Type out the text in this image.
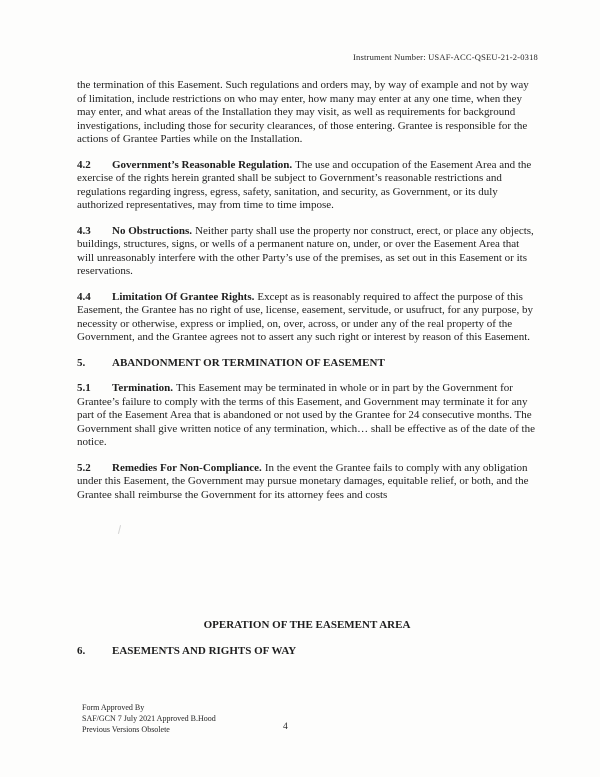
Instrument Number: USAF-ACC-QSEU-21-2-0318

the termination of this Easement. Such regulations and orders may, by way of example and not by way of limitation, include restrictions on who may enter, how many may enter at any one time, when they may enter, and what areas of the Installation they may visit, as well as requirements for background investigations, including those for security clearances, of those entering. Grantee is responsible for the actions of Grantee Parties while on the Installation.

4.2 Government’s Reasonable Regulation. The use and occupation of the Easement Area and the exercise of the rights herein granted shall be subject to Government’s reasonable restrictions and regulations regarding ingress, egress, safety, sanitation, and security, as Government, or its duly authorized representatives, may from time to time impose.

4.3 No Obstructions. Neither party shall use the property nor construct, erect, or place any objects, buildings, structures, signs, or wells of a permanent nature on, under, or over the Easement Area that will unreasonably interfere with the other Party’s use of the premises, as set out in this Easement or its reservations.

4.4 Limitation Of Grantee Rights. Except as is reasonably required to affect the purpose of this Easement, the Grantee has no right of use, license, easement, servitude, or usufruct, for any purpose, by necessity or otherwise, express or implied, on, over, across, or under any of the real property of the Government, and the Grantee agrees not to assert any such right or interest by reason of this Easement.

5. ABANDONMENT OR TERMINATION OF EASEMENT

5.1 Termination. This Easement may be terminated in whole or in part by the Government for Grantee’s failure to comply with the terms of this Easement, and Government may terminate it for any part of the Easement Area that is abandoned or not used by the Grantee for 24 consecutive months. The Government shall give written notice of any termination, which… shall be effective as of the date of the notice.

5.2 Remedies For Non-Compliance. In the event the Grantee fails to comply with any obligation under this Easement, the Government may pursue monetary damages, equitable relief, or both, and the Grantee shall reimburse the Government for its attorney fees and costs

OPERATION OF THE EASEMENT AREA

6. EASEMENTS AND RIGHTS OF WAY

Form Approved By
SAF/GCN 7 July 2021 Approved B.Hood
Previous Versions Obsolete	4
